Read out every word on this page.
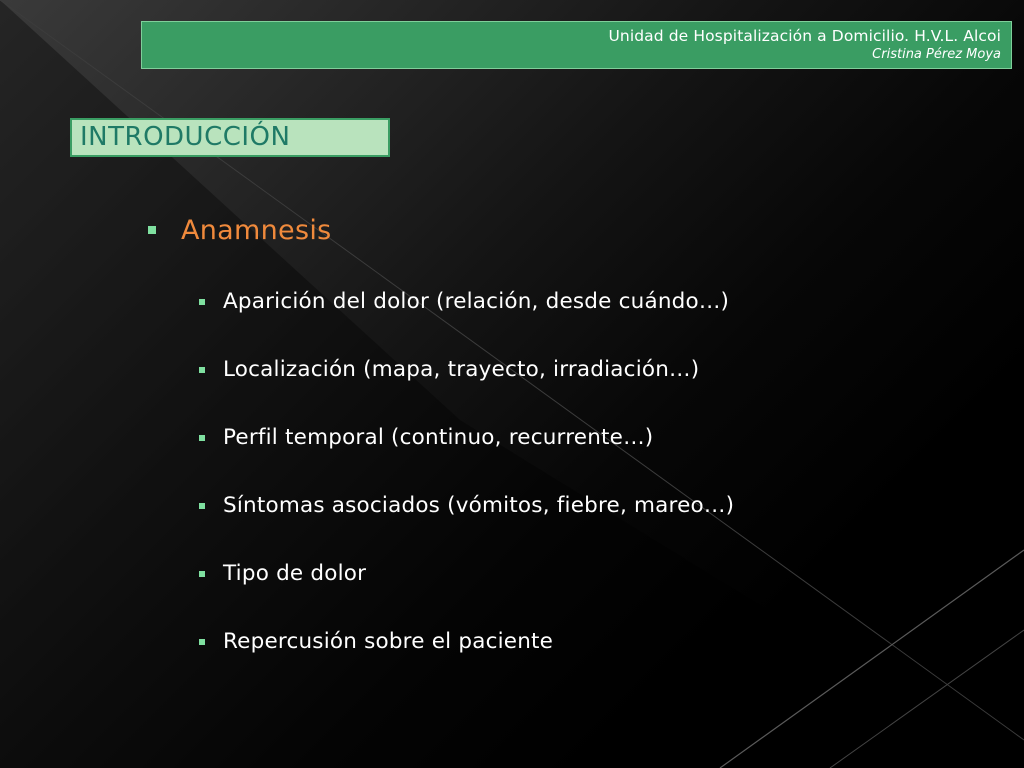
Unidad de Hospitalización a Domicilio. H.V.L. Alcoi
Cristina Pérez Moya
INTRODUCCIÓN
Anamnesis
Aparición del dolor (relación, desde cuándo…)
Localización (mapa, trayecto, irradiación…)
Perfil temporal (continuo, recurrente…)
Síntomas asociados (vómitos, fiebre, mareo…)
Tipo de dolor
Repercusión sobre el paciente
